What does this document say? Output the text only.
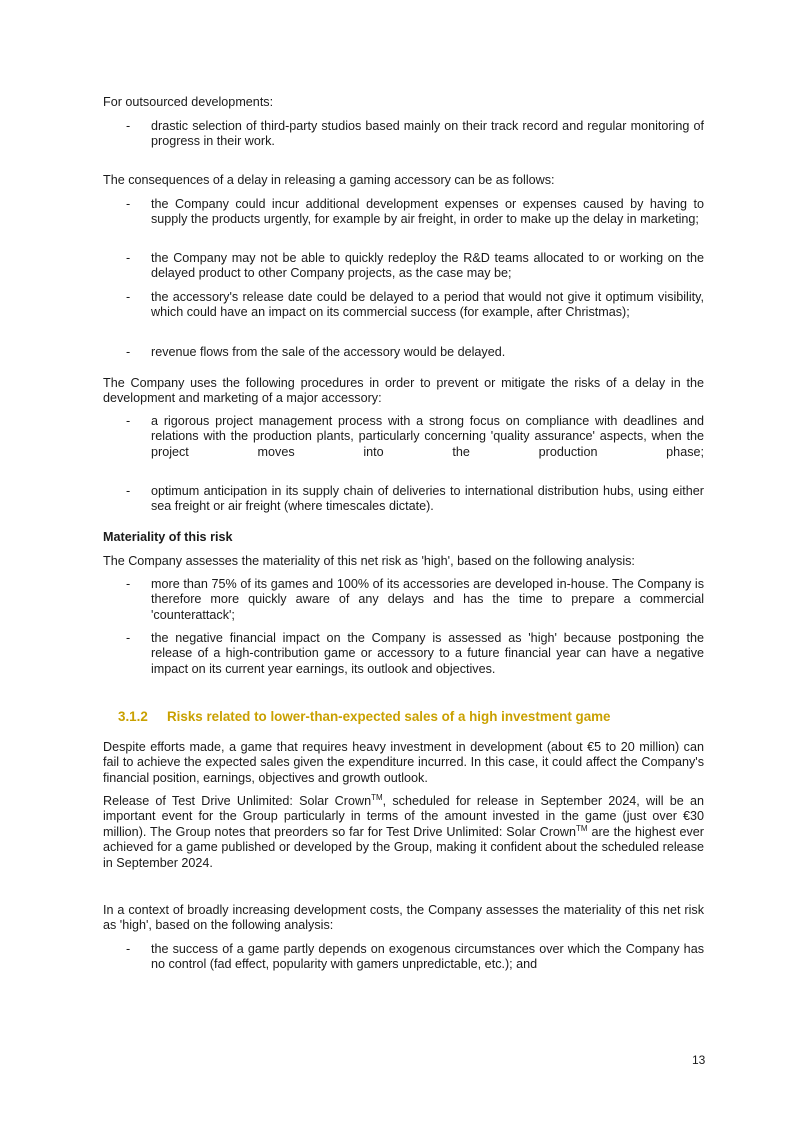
For outsourced developments:

- drastic selection of third-party studios based mainly on their track record and regular monitoring of progress in their work.

The consequences of a delay in releasing a gaming accessory can be as follows:

- the Company could incur additional development expenses or expenses caused by having to supply the products urgently, for example by air freight, in order to make up the delay in marketing;
- the Company may not be able to quickly redeploy the R&D teams allocated to or working on the delayed product to other Company projects, as the case may be;
- the accessory's release date could be delayed to a period that would not give it optimum visibility, which could have an impact on its commercial success (for example, after Christmas);
- revenue flows from the sale of the accessory would be delayed.

The Company uses the following procedures in order to prevent or mitigate the risks of a delay in the development and marketing of a major accessory:

- a rigorous project management process with a strong focus on compliance with deadlines and relations with the production plants, particularly concerning 'quality assurance' aspects, when the project moves into the production phase;
- optimum anticipation in its supply chain of deliveries to international distribution hubs, using either sea freight or air freight (where timescales dictate).

Materiality of this risk

The Company assesses the materiality of this net risk as 'high', based on the following analysis:

- more than 75% of its games and 100% of its accessories are developed in-house. The Company is therefore more quickly aware of any delays and has the time to prepare a commercial 'counterattack';
- the negative financial impact on the Company is assessed as 'high' because postponing the release of a high-contribution game or accessory to a future financial year can have a negative impact on its current year earnings, its outlook and objectives.
3.1.2 Risks related to lower-than-expected sales of a high investment game

Despite efforts made, a game that requires heavy investment in development (about €5 to 20 million) can fail to achieve the expected sales given the expenditure incurred. In this case, it could affect the Company's financial position, earnings, objectives and growth outlook.

Release of Test Drive Unlimited: Solar Crown™, scheduled for release in September 2024, will be an important event for the Group particularly in terms of the amount invested in the game (just over €30 million). The Group notes that preorders so far for Test Drive Unlimited: Solar Crown™ are the highest ever achieved for a game published or developed by the Group, making it confident about the scheduled release in September 2024.

In a context of broadly increasing development costs, the Company assesses the materiality of this net risk as 'high', based on the following analysis:

- the success of a game partly depends on exogenous circumstances over which the Company has no control (fad effect, popularity with gamers unpredictable, etc.); and
13
